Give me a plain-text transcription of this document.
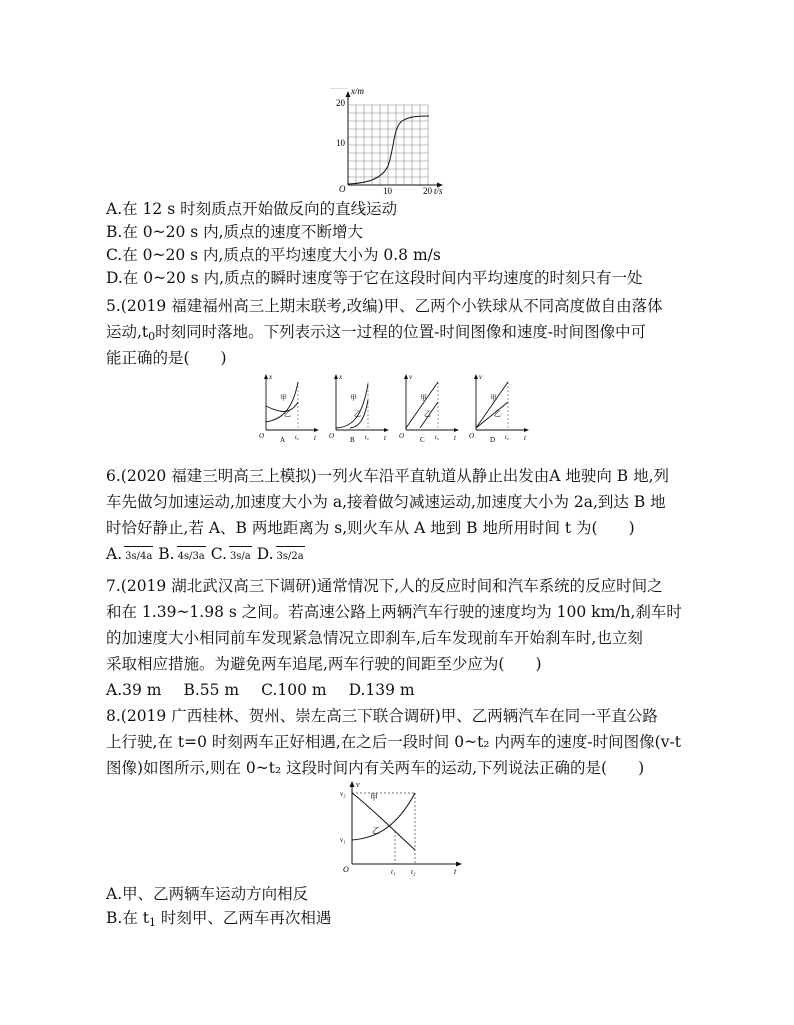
x/m
t/s
O
20
10
10	20
A.在 12 s 时刻质点开始做反向的直线运动
B.在 0~20 s 内,质点的速度不断增大
C.在 0~20 s 内,质点的平均速度大小为 0.8 m/s
D.在 0~20 s 内,质点的瞬时速度等于它在这段时间内平均速度的时刻只有一处
5.(2019 福建福州高三上期末联考,改编)甲、乙两个小铁球从不同高度做自由落体
运动$,t_0$时刻同时落地。下列表示这一过程的位置-时间图像和速度-时间图像中可
能正确的是(　　)
x
t
O	t₀
A
甲
乙
x
t
O	t₀
B
甲
乙
v
t
O	t₀
C
甲
乙
v
t
O	t₀
D
甲
乙
6.(2020 福建三明高三上模拟)一列火车沿平直轨道从静止出发由A 地驶向 B 地,列
车先做匀加速运动,加速度大小为 a,接着做匀减速运动,加速度大小为 2a,到达 B 地
时恰好静止,若 A、B 两地距离为 s,则火车从 A 地到 B 地所用时间 t 为(　　)
A. 3s/4a B. 4s/3a C. 3s/a D. 3s/2a
7.(2019 湖北武汉高三下调研)通常情况下,人的反应时间和汽车系统的反应时间之
和在 1.39~1.98 s 之间。若高速公路上两辆汽车行驶的速度均为 100 km/h,刹车时
的加速度大小相同前车发现紧急情况立即刹车,后车发现前车开始刹车时,也立刻
采取相应措施。为避免两车追尾,两车行驶的间距至少应为(　　)
A.39 m B.55 m C.100 m D.139 m
8.(2019 广西桂林、贺州、崇左高三下联合调研)甲、乙两辆汽车在同一平直公路
上行驶,在 t=0 时刻两车正好相遇,在之后一段时间 0~t₂ 内两车的速度-时间图像(v-t
图像)如图所示,则在 0~t₂ 这段时间内有关两车的运动,下列说法正确的是(　　)
v
t
O
v₂
v₁
t₁ t₂
甲
乙
A.甲、乙两辆车运动方向相反
B.在 $t_1$ 时刻甲、乙两车再次相遇
